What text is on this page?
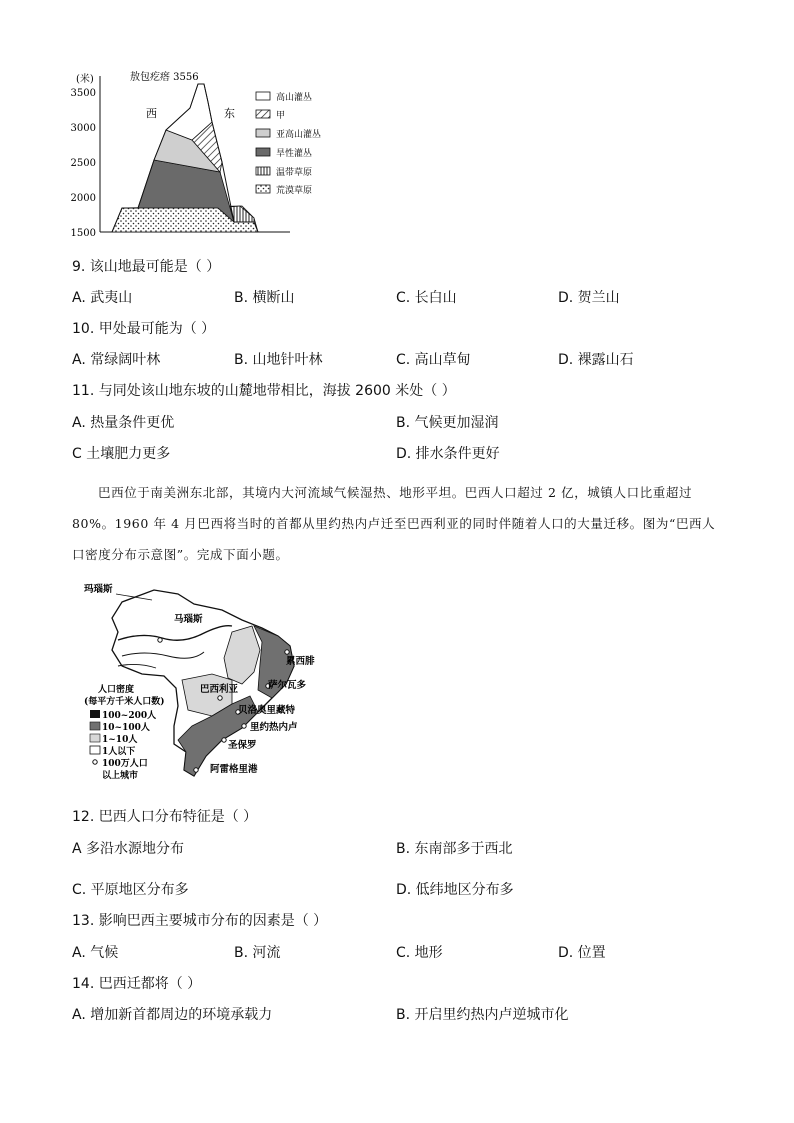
(米)
3500
3000
2500
2000
1500
敖包疙瘩 3556
西	东
高山灌丛
甲
亚高山灌丛
旱性灌丛
温带草原
荒漠草原
9. 该山地最可能是（ ）
A. 武夷山	B. 横断山	C. 长白山	D. 贺兰山
10. 甲处最可能为（ ）
A. 常绿阔叶林	B. 山地针叶林	C. 高山草甸	D. 裸露山石
11. 与同处该山地东坡的山麓地带相比，海拔 2600 米处（ ）
A. 热量条件更优	B. 气候更加湿润
C 土壤肥力更多	D. 排水条件更好
巴西位于南美洲东北部，其境内大河流域气候湿热、地形平坦。巴西人口超过 2 亿，城镇人口比重超过 80%。1960 年 4 月巴西将当时的首都从里约热内卢迁至巴西利亚的同时伴随着人口的大量迁移。图为“巴西人口密度分布示意图”。完成下面小题。
玛瑙斯
马瑙斯
累西腓
萨尔瓦多
巴西利亚
贝洛奥里藏特
里约热内卢
圣保罗
阿雷格里港
人口密度
(每平方千米人口数)
100~200人
10~100人
1~10人
1人以下
100万人口
以上城市
12. 巴西人口分布特征是（ ）
A 多沿水源地分布	B. 东南部多于西北
C. 平原地区分布多	D. 低纬地区分布多
13. 影响巴西主要城市分布的因素是（ ）
A. 气候	B. 河流	C. 地形	D. 位置
14. 巴西迁都将（ ）
A. 增加新首都周边的环境承载力	B. 开启里约热内卢逆城市化
